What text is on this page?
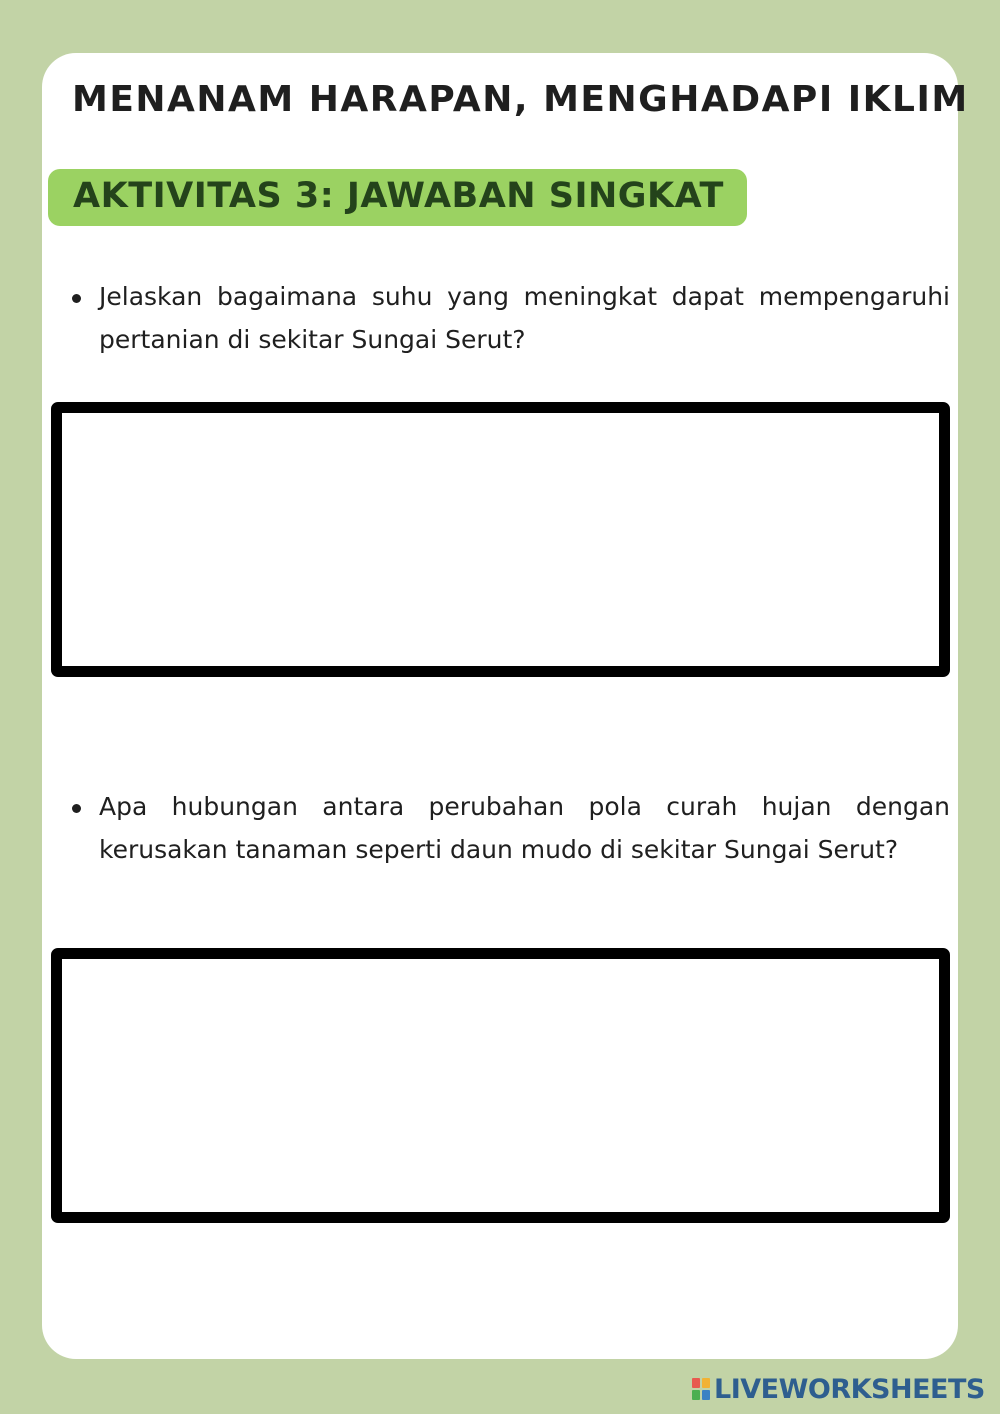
MENANAM HARAPAN, MENGHADAPI IKLIM
AKTIVITAS 3: JAWABAN SINGKAT
Jelaskan bagaimana suhu yang meningkat dapat mempengaruhi pertanian di sekitar Sungai Serut?
Apa hubungan antara perubahan pola curah hujan dengan kerusakan tanaman seperti daun mudo di sekitar Sungai Serut?
LIVEWORKSHEETS
